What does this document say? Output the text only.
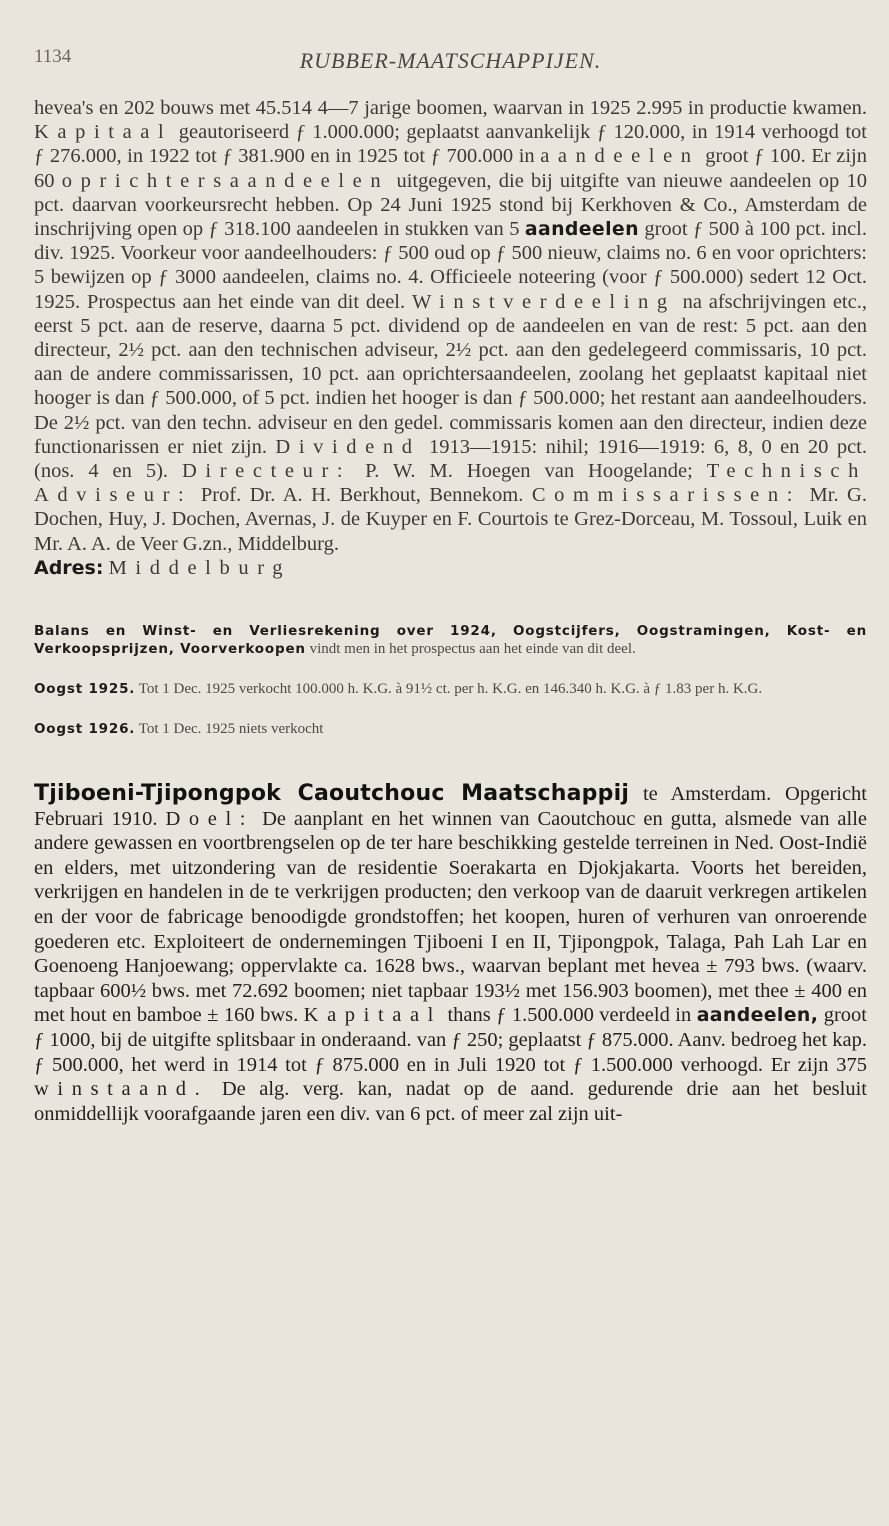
1134	RUBBER-MAATSCHAPPIJEN.

hevea's en 202 bouws met 45.514 4—7 jarige boomen, waarvan in 1925 2.995 in productie kwamen. Kapitaal geautoriseerd ƒ 1.000.000; geplaatst aanvankelijk ƒ 120.000, in 1914 verhoogd tot ƒ 276.000, in 1922 tot ƒ 381.900 en in 1925 tot ƒ 700.000 in aandeelen groot ƒ 100. Er zijn 60 oprichtersaandeelen uitgegeven, die bij uitgifte van nieuwe aandeelen op 10 pct. daarvan voorkeursrecht hebben. Op 24 Juni 1925 stond bij Kerkhoven & Co., Amsterdam de inschrijving open op ƒ 318.100 aandeelen in stukken van 5 aandeelen groot ƒ 500 à 100 pct. incl. div. 1925. Voorkeur voor aandeelhouders: ƒ 500 oud op ƒ 500 nieuw, claims no. 6 en voor oprichters: 5 bewijzen op ƒ 3000 aandeelen, claims no. 4. Officieele noteering (voor ƒ 500.000) sedert 12 Oct. 1925. Prospectus aan het einde van dit deel. Winstverdeeling na afschrijvingen etc., eerst 5 pct. aan de reserve, daarna 5 pct. dividend op de aandeelen en van de rest: 5 pct. aan den directeur, 2½ pct. aan den technischen adviseur, 2½ pct. aan den gedelegeerd commissaris, 10 pct. aan de andere commissarissen, 10 pct. aan oprichtersaandeelen, zoolang het geplaatst kapitaal niet hooger is dan ƒ 500.000, of 5 pct. indien het hooger is dan ƒ 500.000; het restant aan aandeelhouders. De 2½ pct. van den techn. adviseur en den gedel. commissaris komen aan den directeur, indien deze functionarissen er niet zijn. Dividend 1913—1915: nihil; 1916—1919: 6, 8, 0 en 20 pct. (nos. 4 en 5). Directeur: P. W. M. Hoegen van Hoogelande; Technisch Adviseur: Prof. Dr. A. H. Berkhout, Bennekom. Commissarissen: Mr. G. Dochen, Huy, J. Dochen, Avernas, J. de Kuyper en F. Courtois te Grez-Dorceau, M. Tossoul, Luik en Mr. A. A. de Veer G.zn., Middelburg.

Adres: Middelburg

Balans en Winst- en Verliesrekening over 1924, Oogstcijfers, Oogstramingen, Kost- en Verkoopsprijzen, Voorverkoopen vindt men in het prospectus aan het einde van dit deel.

Oogst 1925. Tot 1 Dec. 1925 verkocht 100.000 h. K.G. à 91½ ct. per h. K.G. en 146.340 h. K.G. à ƒ 1.83 per h. K.G.

Oogst 1926. Tot 1 Dec. 1925 niets verkocht

Tjiboeni-Tjipongpok Caoutchouc Maatschappij te Amsterdam. Opgericht Februari 1910. Doel: De aanplant en het winnen van Caoutchouc en gutta, alsmede van alle andere gewassen en voortbrengselen op de ter hare beschikking gestelde terreinen in Ned. Oost-Indië en elders, met uitzondering van de residentie Soerakarta en Djokjakarta. Voorts het bereiden, verkrijgen en handelen in de te verkrijgen producten; den verkoop van de daaruit verkregen artikelen en der voor de fabricage benoodigde grondstoffen; het koopen, huren of verhuren van onroerende goederen etc. Exploiteert de ondernemingen Tjiboeni I en II, Tjipongpok, Talaga, Pah Lah Lar en Goenoeng Hanjoewang; oppervlakte ca. 1628 bws., waarvan beplant met hevea ± 793 bws. (waarv. tapbaar 600½ bws. met 72.692 boomen; niet tapbaar 193½ met 156.903 boomen), met thee ± 400 en met hout en bamboe ± 160 bws. Kapitaal thans ƒ 1.500.000 verdeeld in aandeelen, groot ƒ 1000, bij de uitgifte splitsbaar in onderaand. van ƒ 250; geplaatst ƒ 875.000. Aanv. bedroeg het kap. ƒ 500.000, het werd in 1914 tot ƒ 875.000 en in Juli 1920 tot ƒ 1.500.000 verhoogd. Er zijn 375 winstaand. De alg. verg. kan, nadat op de aand. gedurende drie aan het besluit onmiddellijk voorafgaande jaren een div. van 6 pct. of meer zal zijn uit-
